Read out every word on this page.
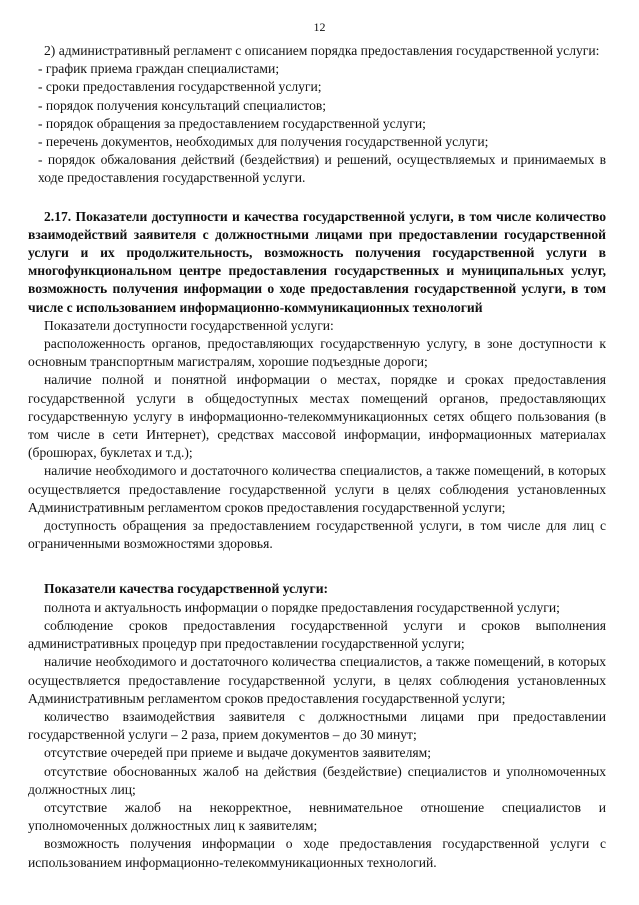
12

2) административный регламент с описанием порядка предоставления государственной услуги:

- график приема граждан специалистами;

- сроки предоставления государственной услуги;

- порядок получения консультаций специалистов;

- порядок обращения за предоставлением государственной услуги;

- перечень документов, необходимых для получения государственной услуги;

- порядок обжалования действий (бездействия) и решений, осуществляемых и принимаемых в ходе предоставления государственной услуги.

2.17. Показатели доступности и качества государственной услуги, в том числе количество взаимодействий заявителя с должностными лицами при предоставлении государственной услуги и их продолжительность, возможность получения государственной услуги в многофункциональном центре предоставления государственных и муниципальных услуг, возможность получения информации о ходе предоставления государственной услуги, в том числе с использованием информационно-коммуникационных технологий

Показатели доступности государственной услуги:

расположенность органов, предоставляющих государственную услугу, в зоне доступности к основным транспортным магистралям, хорошие подъездные дороги;

наличие полной и понятной информации о местах, порядке и сроках предоставления государственной услуги в общедоступных местах помещений органов, предоставляющих государственную услугу в информационно-телекоммуникационных сетях общего пользования (в том числе в сети Интернет), средствах массовой информации, информационных материалах (брошюрах, буклетах и т.д.);

наличие необходимого и достаточного количества специалистов, а также помещений, в которых осуществляется предоставление государственной услуги в целях соблюдения установленных Административным регламентом сроков предоставления государственной услуги;

доступность обращения за предоставлением государственной услуги, в том числе для лиц с ограниченными возможностями здоровья.

Показатели качества государственной услуги:

полнота и актуальность информации о порядке предоставления государственной услуги;

соблюдение сроков предоставления государственной услуги и сроков выполнения административных процедур при предоставлении государственной услуги;

наличие необходимого и достаточного количества специалистов, а также помещений, в которых осуществляется предоставление государственной услуги, в целях соблюдения установленных Административным регламентом сроков предоставления государственной услуги;

количество взаимодействия заявителя с должностными лицами при предоставлении государственной услуги – 2 раза, прием документов – до 30 минут;

отсутствие очередей при приеме и выдаче документов заявителям;

отсутствие обоснованных жалоб на действия (бездействие) специалистов и уполномоченных должностных лиц;

отсутствие жалоб на некорректное, невнимательное отношение специалистов и уполномоченных должностных лиц к заявителям;

возможность получения информации о ходе предоставления государственной услуги с использованием информационно-телекоммуникационных технологий.
